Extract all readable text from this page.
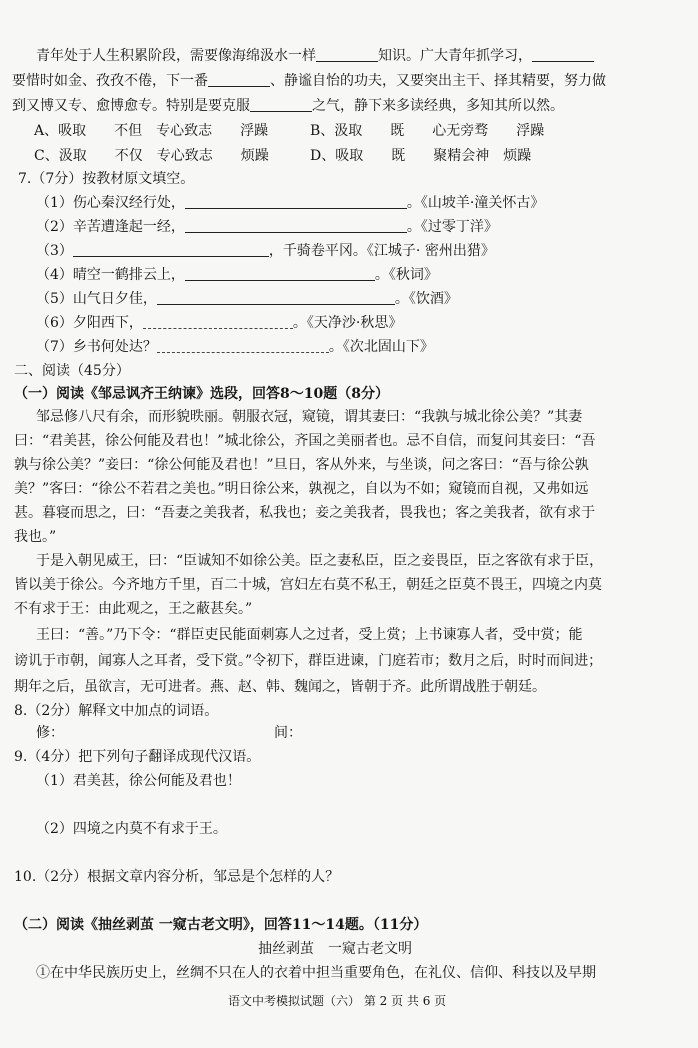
青年处于人生积累阶段，需要像海绵汲水一样	知识。广大青年抓学习，
要惜时如金、孜孜不倦，下一番	、静谧自怡的功夫，又要突出主干、择其精要，努力做
到又博又专、愈博愈专。特别是要克服	之气，静下来多读经典，多知其所以然。
A、吸取　　不但　专心致志　　浮躁	B、汲取　　既　　心无旁骛　　浮躁
C、汲取　　不仅　专心致志　　烦躁	D、吸取　　既　　聚精会神　烦躁
7.（7分）按教材原文填空。
（1）伤心秦汉经行处，	。《山坡羊·潼关怀古》
（2）辛苦遭逢起一经，	。《过零丁洋》
（3）	，千骑卷平冈。《江城子· 密州出猎》
（4）晴空一鹤排云上，	。《秋词》
（5）山气日夕佳，	。《饮酒》
（6）夕阳西下，	。《天净沙·秋思》
（7）乡书何处达？	。《次北固山下》
二、阅读（45分）
（一）阅读《邹忌讽齐王纳谏》选段，回答8～10题（8分）
邹忌修八尺有余，而形貌昳丽。朝服衣冠，窥镜，谓其妻曰：“我孰与城北徐公美？”其妻
曰：“君美甚，徐公何能及君也！”城北徐公，齐国之美丽者也。忌不自信，而复问其妾曰：“吾
孰与徐公美？”妾曰：“徐公何能及君也！”旦日，客从外来，与坐谈，问之客曰：“吾与徐公孰
美？”客曰：“徐公不若君之美也。”明日徐公来，孰视之，自以为不如；窥镜而自视，又弗如远
甚。暮寝而思之，曰：“吾妻之美我者，私我也；妾之美我者，畏我也；客之美我者，欲有求于
我也。”
于是入朝见威王，曰：“臣诚知不如徐公美。臣之妻私臣，臣之妾畏臣，臣之客欲有求于臣，
皆以美于徐公。今齐地方千里，百二十城，宫妇左右莫不私王，朝廷之臣莫不畏王，四境之内莫
不有求于王：由此观之，王之蔽甚矣。”
王曰：“善。”乃下令：“群臣吏民能面刺寡人之过者，受上赏；上书谏寡人者，受中赏；能
谤讥于市朝，闻寡人之耳者，受下赏。”令初下，群臣进谏，门庭若市；数月之后，时时而间进；
期年之后，虽欲言，无可进者。燕、赵、韩、魏闻之，皆朝于齐。此所谓战胜于朝廷。
8.（2分）解释文中加点的词语。
修：	间：
9.（4分）把下列句子翻译成现代汉语。
（1）君美甚，徐公何能及君也！
（2）四境之内莫不有求于王。
10.（2分）根据文章内容分析，邹忌是个怎样的人？
（二）阅读《抽丝剥茧 一窥古老文明》，回答11～14题。（11分）
抽丝剥茧　一窥古老文明
①在中华民族历史上，丝绸不只在人的衣着中担当重要角色，在礼仪、信仰、科技以及早期
语文中考模拟试题（六） 第 2 页 共 6 页
